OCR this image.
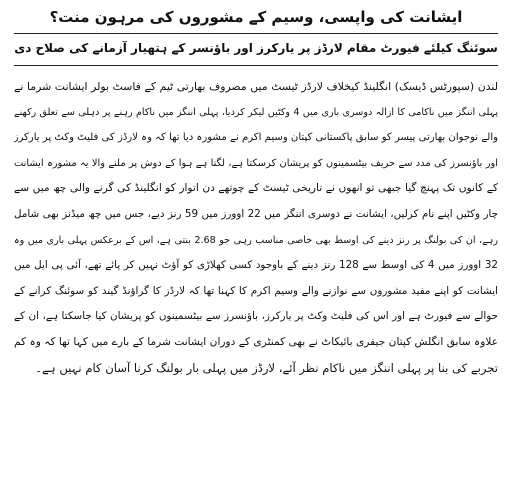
ایشانت کی واپسی، وسیم کے مشوروں کی مرہون منت؟
سوئنگ کیلئے فیورٹ مقام لارڈز پر یارکرز اور باؤنسر کے ہتھیار آزمانے کی صلاح دی
لندن (سپورٹس ڈیسک) انگلینڈ کیخلاف لارڈز ٹیسٹ میں مصروف بھارتی ٹیم کے فاسٹ بولر ایشانت شرما نے
پہلی اننگز میں ناکامی کا ازالہ دوسری باری میں 4 وکٹیں لیکر کردیا، پہلی اننگز میں ناکام رہنے پر دہلی سے تعلق رکھنے
والے نوجوان بھارتی پیسر کو سابق پاکستانی کپتان وسیم اکرم نے مشورہ دیا تھا کہ وہ لارڈز کی فلیٹ وکٹ پر یارکرز
اور باؤنسرز کی مدد سے حریف بیٹسمینوں کو پریشان کرسکتا ہے، لگتا ہے ہوا کے دوش پر ملنے والا یہ مشورہ ایشانت
کے کانوں تک پہنچ گیا جبھی تو انھوں نے تاریخی ٹیسٹ کے چوتھے دن اتوار کو انگلینڈ کی گرنے والی چھ میں سے
چار وکٹیں اپنے نام کرلیں، ایشانت نے دوسری اننگز میں 22 اوورز میں 59 رنز دیے، جس میں چھ میڈنز بھی شامل
رہے، ان کی بولنگ پر رنز دینے کی اوسط بھی خاصی مناسب رہی جو 2.68 بنتی ہے، اس کے برعکس پہلی باری میں وہ
32 اوورز میں 4 کی اوسط سے 128 رنز دینے کے باوجود کسی کھلاڑی کو آؤٹ نہیں کر پائے تھے، آئی پی ایل میں
ایشانت کو اپنے مفید مشوروں سے نوازنے والے وسیم اکرم کا کہنا تھا کہ لارڈز کا گراؤنڈ گیند کو سوئنگ کرانے کے
حوالے سے فیورٹ ہے اور اس کی فلیٹ وکٹ پر یارکرز، باؤنسرز سے بیٹسمینوں کو پریشان کیا جاسکتا ہے، ان کے
علاوہ سابق انگلش کپتان جیفری بائیکاٹ نے بھی کمنٹری کے دوران ایشانت شرما کے بارے میں کہا تھا کہ وہ کم
تجربے کی بنا پر پہلی اننگز میں ناکام نظر آئے، لارڈز میں پہلی بار بولنگ کرنا آسان کام نہیں ہے۔
